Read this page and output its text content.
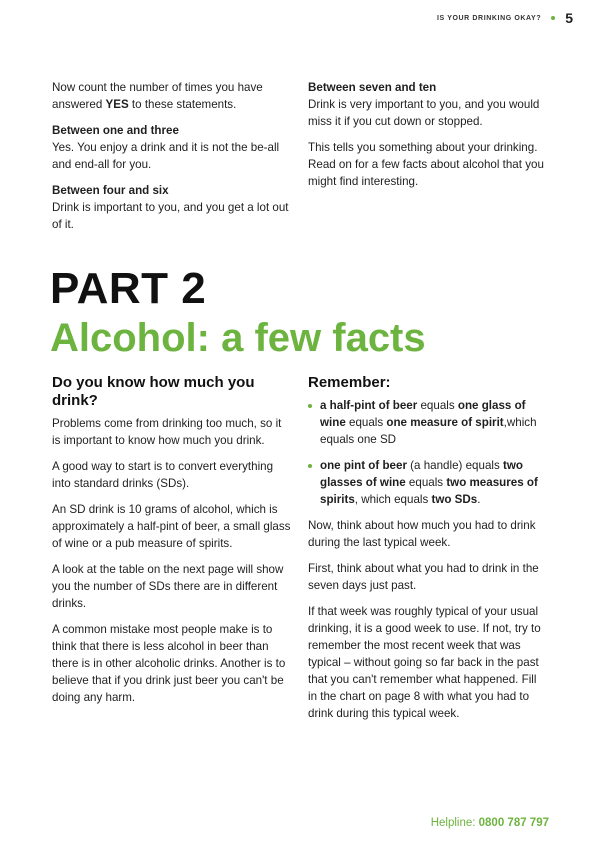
IS YOUR DRINKING OKAY? 5

Now count the number of times you have answered YES to these statements.

Between one and three

Yes. You enjoy a drink and it is not the be-all and end-all for you.

Between four and six

Drink is important to you, and you get a lot out of it.

Between seven and ten

Drink is very important to you, and you would miss it if you cut down or stopped.

This tells you something about your drinking. Read on for a few facts about alcohol that you might find interesting.

PART 2
Alcohol: a few facts
Do you know how much you drink?

Problems come from drinking too much, so it is important to know how much you drink.

A good way to start is to convert everything into standard drinks (SDs).

An SD drink is 10 grams of alcohol, which is approximately a half-pint of beer, a small glass of wine or a pub measure of spirits.

A look at the table on the next page will show you the number of SDs there are in different drinks.

A common mistake most people make is to think that there is less alcohol in beer than there is in other alcoholic drinks. Another is to believe that if you drink just beer you can't be doing any harm.

Remember:
a half-pint of beer equals one glass of wine equals one measure of spirit,which equals one SD
one pint of beer (a handle) equals two glasses of wine equals two measures of spirits, which equals two SDs.

Now, think about how much you had to drink during the last typical week.

First, think about what you had to drink in the seven days just past.

If that week was roughly typical of your usual drinking, it is a good week to use. If not, try to remember the most recent week that was typical – without going so far back in the past that you can't remember what happened. Fill in the chart on page 8 with what you had to drink during this typical week.

Helpline: 0800 787 797
